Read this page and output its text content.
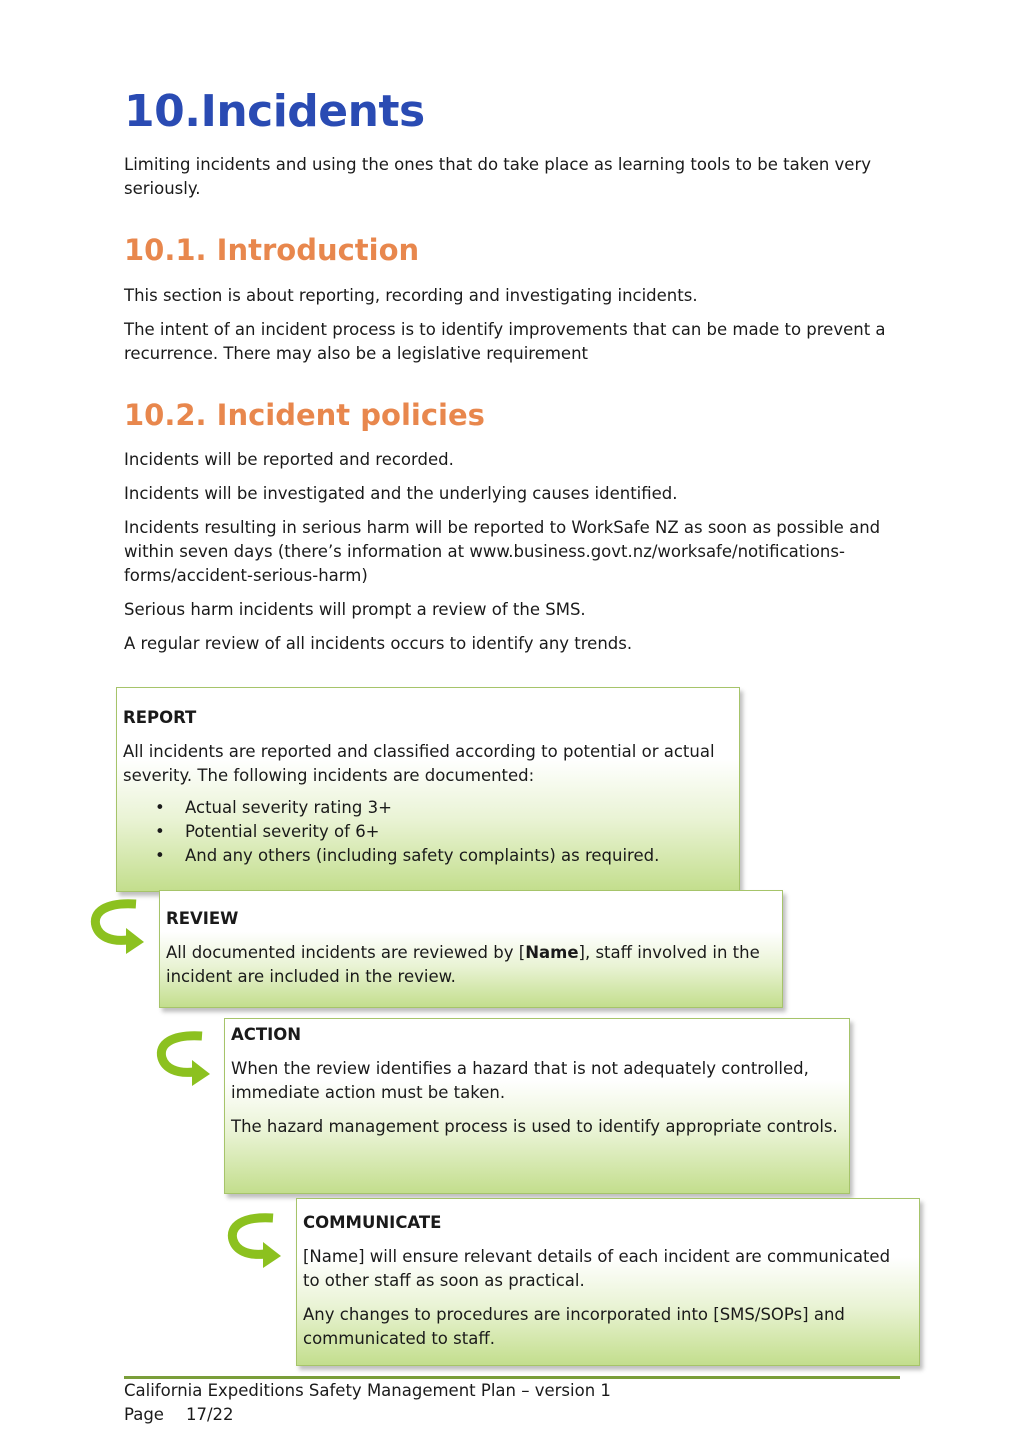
10.Incidents

Limiting incidents and using the ones that do take place as learning tools to be taken very seriously.

10.1. Introduction

This section is about reporting, recording and investigating incidents.

The intent of an incident process is to identify improvements that can be made to prevent a recurrence. There may also be a legislative requirement

10.2. Incident policies

Incidents will be reported and recorded.

Incidents will be investigated and the underlying causes identified.

Incidents resulting in serious harm will be reported to WorkSafe NZ as soon as possible and within seven days (there’s information at www.business.govt.nz/worksafe/notifications-forms/accident-serious-harm)

Serious harm incidents will prompt a review of the SMS.

A regular review of all incidents occurs to identify any trends.

REPORT

All incidents are reported and classified according to potential or actual severity. The following incidents are documented:

• Actual severity rating 3+
• Potential severity of 6+
• And any others (including safety complaints) as required.

REVIEW

All documented incidents are reviewed by [Name], staff involved in the incident are included in the review.

ACTION

When the review identifies a hazard that is not adequately controlled, immediate action must be taken.

The hazard management process is used to identify appropriate controls.

COMMUNICATE

[Name] will ensure relevant details of each incident are communicated to other staff as soon as practical.

Any changes to procedures are incorporated into [SMS/SOPs] and communicated to staff.

California Expeditions Safety Management Plan – version 1

Page 17/22
